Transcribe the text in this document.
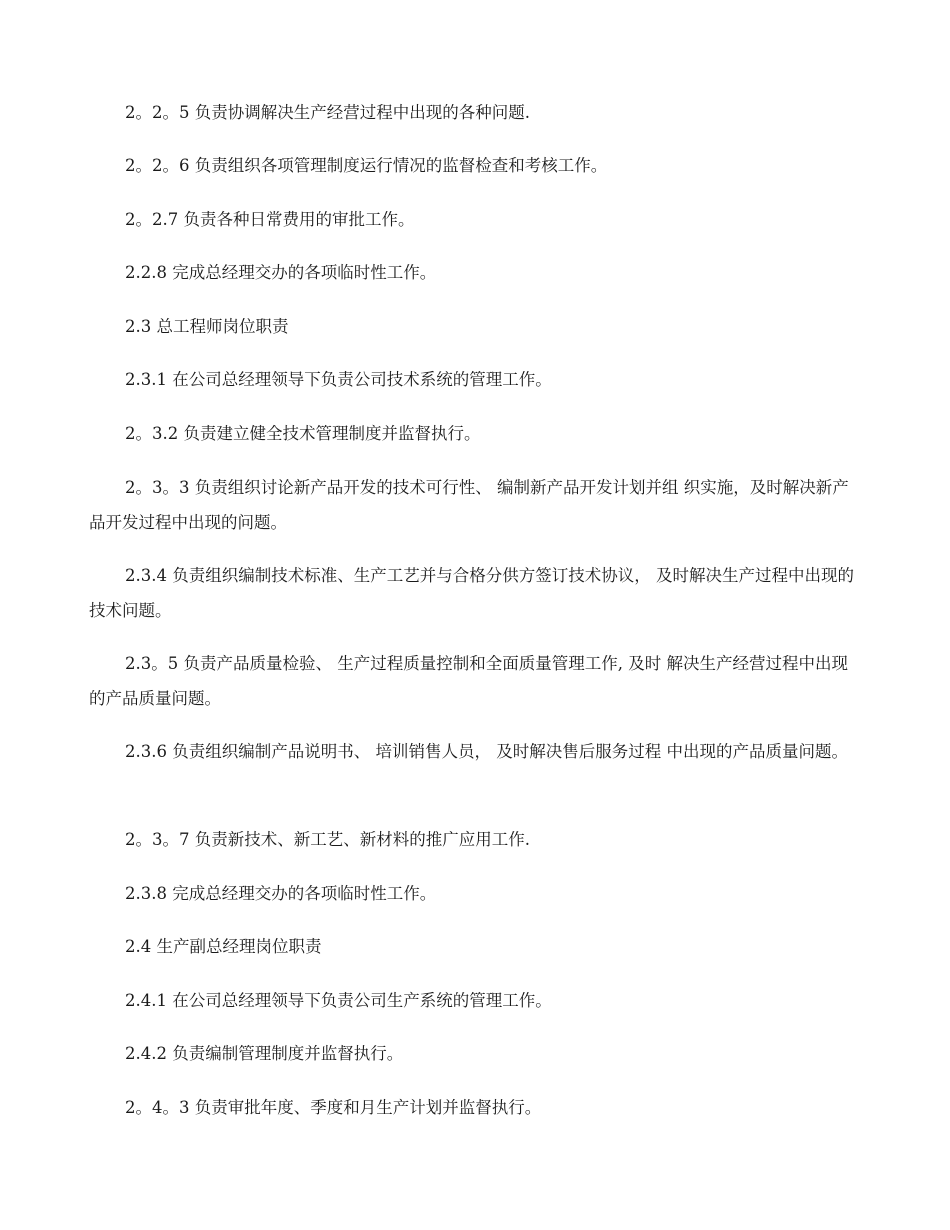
2。2。5 负责协调解决生产经营过程中出现的各种问题.

2。2。6 负责组织各项管理制度运行情况的监督检查和考核工作。

2。2.7 负责各种日常费用的审批工作。

2.2.8 完成总经理交办的各项临时性工作。

2.3 总工程师岗位职责

2.3.1 在公司总经理领导下负责公司技术系统的管理工作。

2。3.2 负责建立健全技术管理制度并监督执行。

2。3。3 负责组织讨论新产品开发的技术可行性、 编制新产品开发计划并组 织实施，及时解决新产品开发过程中出现的问题。

2.3.4 负责组织编制技术标准、生产工艺并与合格分供方签订技术协议， 及时解决生产过程中出现的技术问题。

2.3。5 负责产品质量检验、 生产过程质量控制和全面质量管理工作, 及时 解决生产经营过程中出现的产品质量问题。

2.3.6 负责组织编制产品说明书、 培训销售人员， 及时解决售后服务过程 中出现的产品质量问题。

2。3。7 负责新技术、新工艺、新材料的推广应用工作.

2.3.8 完成总经理交办的各项临时性工作。

2.4 生产副总经理岗位职责

2.4.1 在公司总经理领导下负责公司生产系统的管理工作。

2.4.2 负责编制管理制度并监督执行。

2。4。3 负责审批年度、季度和月生产计划并监督执行。
